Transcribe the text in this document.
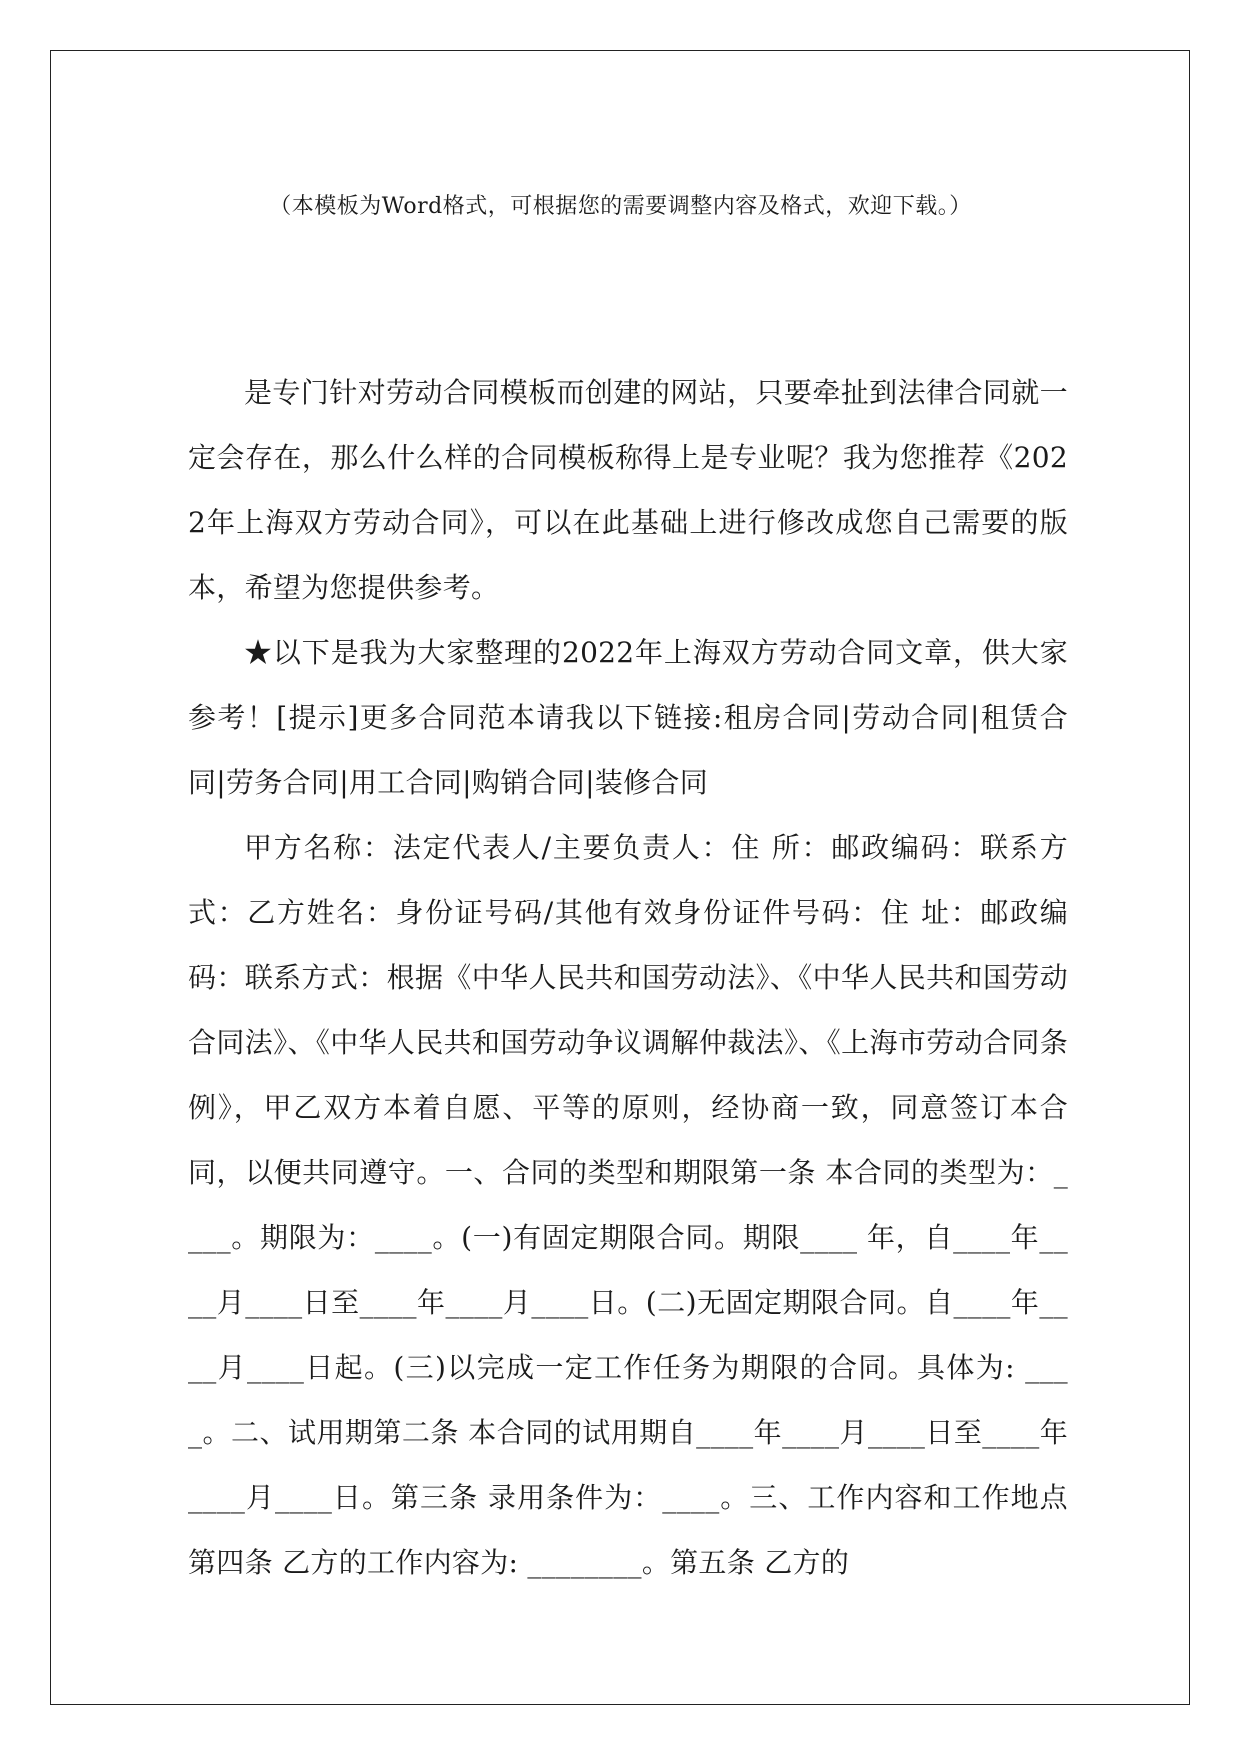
（本模板为Word格式，可根据您的需要调整内容及格式，欢迎下载。）

是专门针对劳动合同模板而创建的网站，只要牵扯到法律合同就一定会存在，那么什么样的合同模板称得上是专业呢？我为您推荐《2022年上海双方劳动合同》，可以在此基础上进行修改成您自己需要的版本，希望为您提供参考。

★以下是我为大家整理的2022年上海双方劳动合同文章，供大家参考！[提示]更多合同范本请我以下链接:租房合同|劳动合同|租赁合同|劳务合同|用工合同|购销合同|装修合同

甲方名称：法定代表人/主要负责人：住 所：邮政编码：联系方式：乙方姓名：身份证号码/其他有效身份证件号码：住 址：邮政编码：联系方式：根据《中华人民共和国劳动法》、《中华人民共和国劳动合同法》、《中华人民共和国劳动争议调解仲裁法》、《上海市劳动合同条例》，甲乙双方本着自愿、平等的原则，经协商一致，同意签订本合同，以便共同遵守。一、合同的类型和期限第一条 本合同的类型为：____。期限为：____。(一)有固定期限合同。期限____ 年，自____年____月____日至____年____月____日。(二)无固定期限合同。自____年____月____日起。(三)以完成一定工作任务为期限的合同。具体为: ____。二、试用期第二条 本合同的试用期自____年____月____日至____年____月____日。第三条 录用条件为：____。三、工作内容和工作地点第四条 乙方的工作内容为: ________。第五条 乙方的
